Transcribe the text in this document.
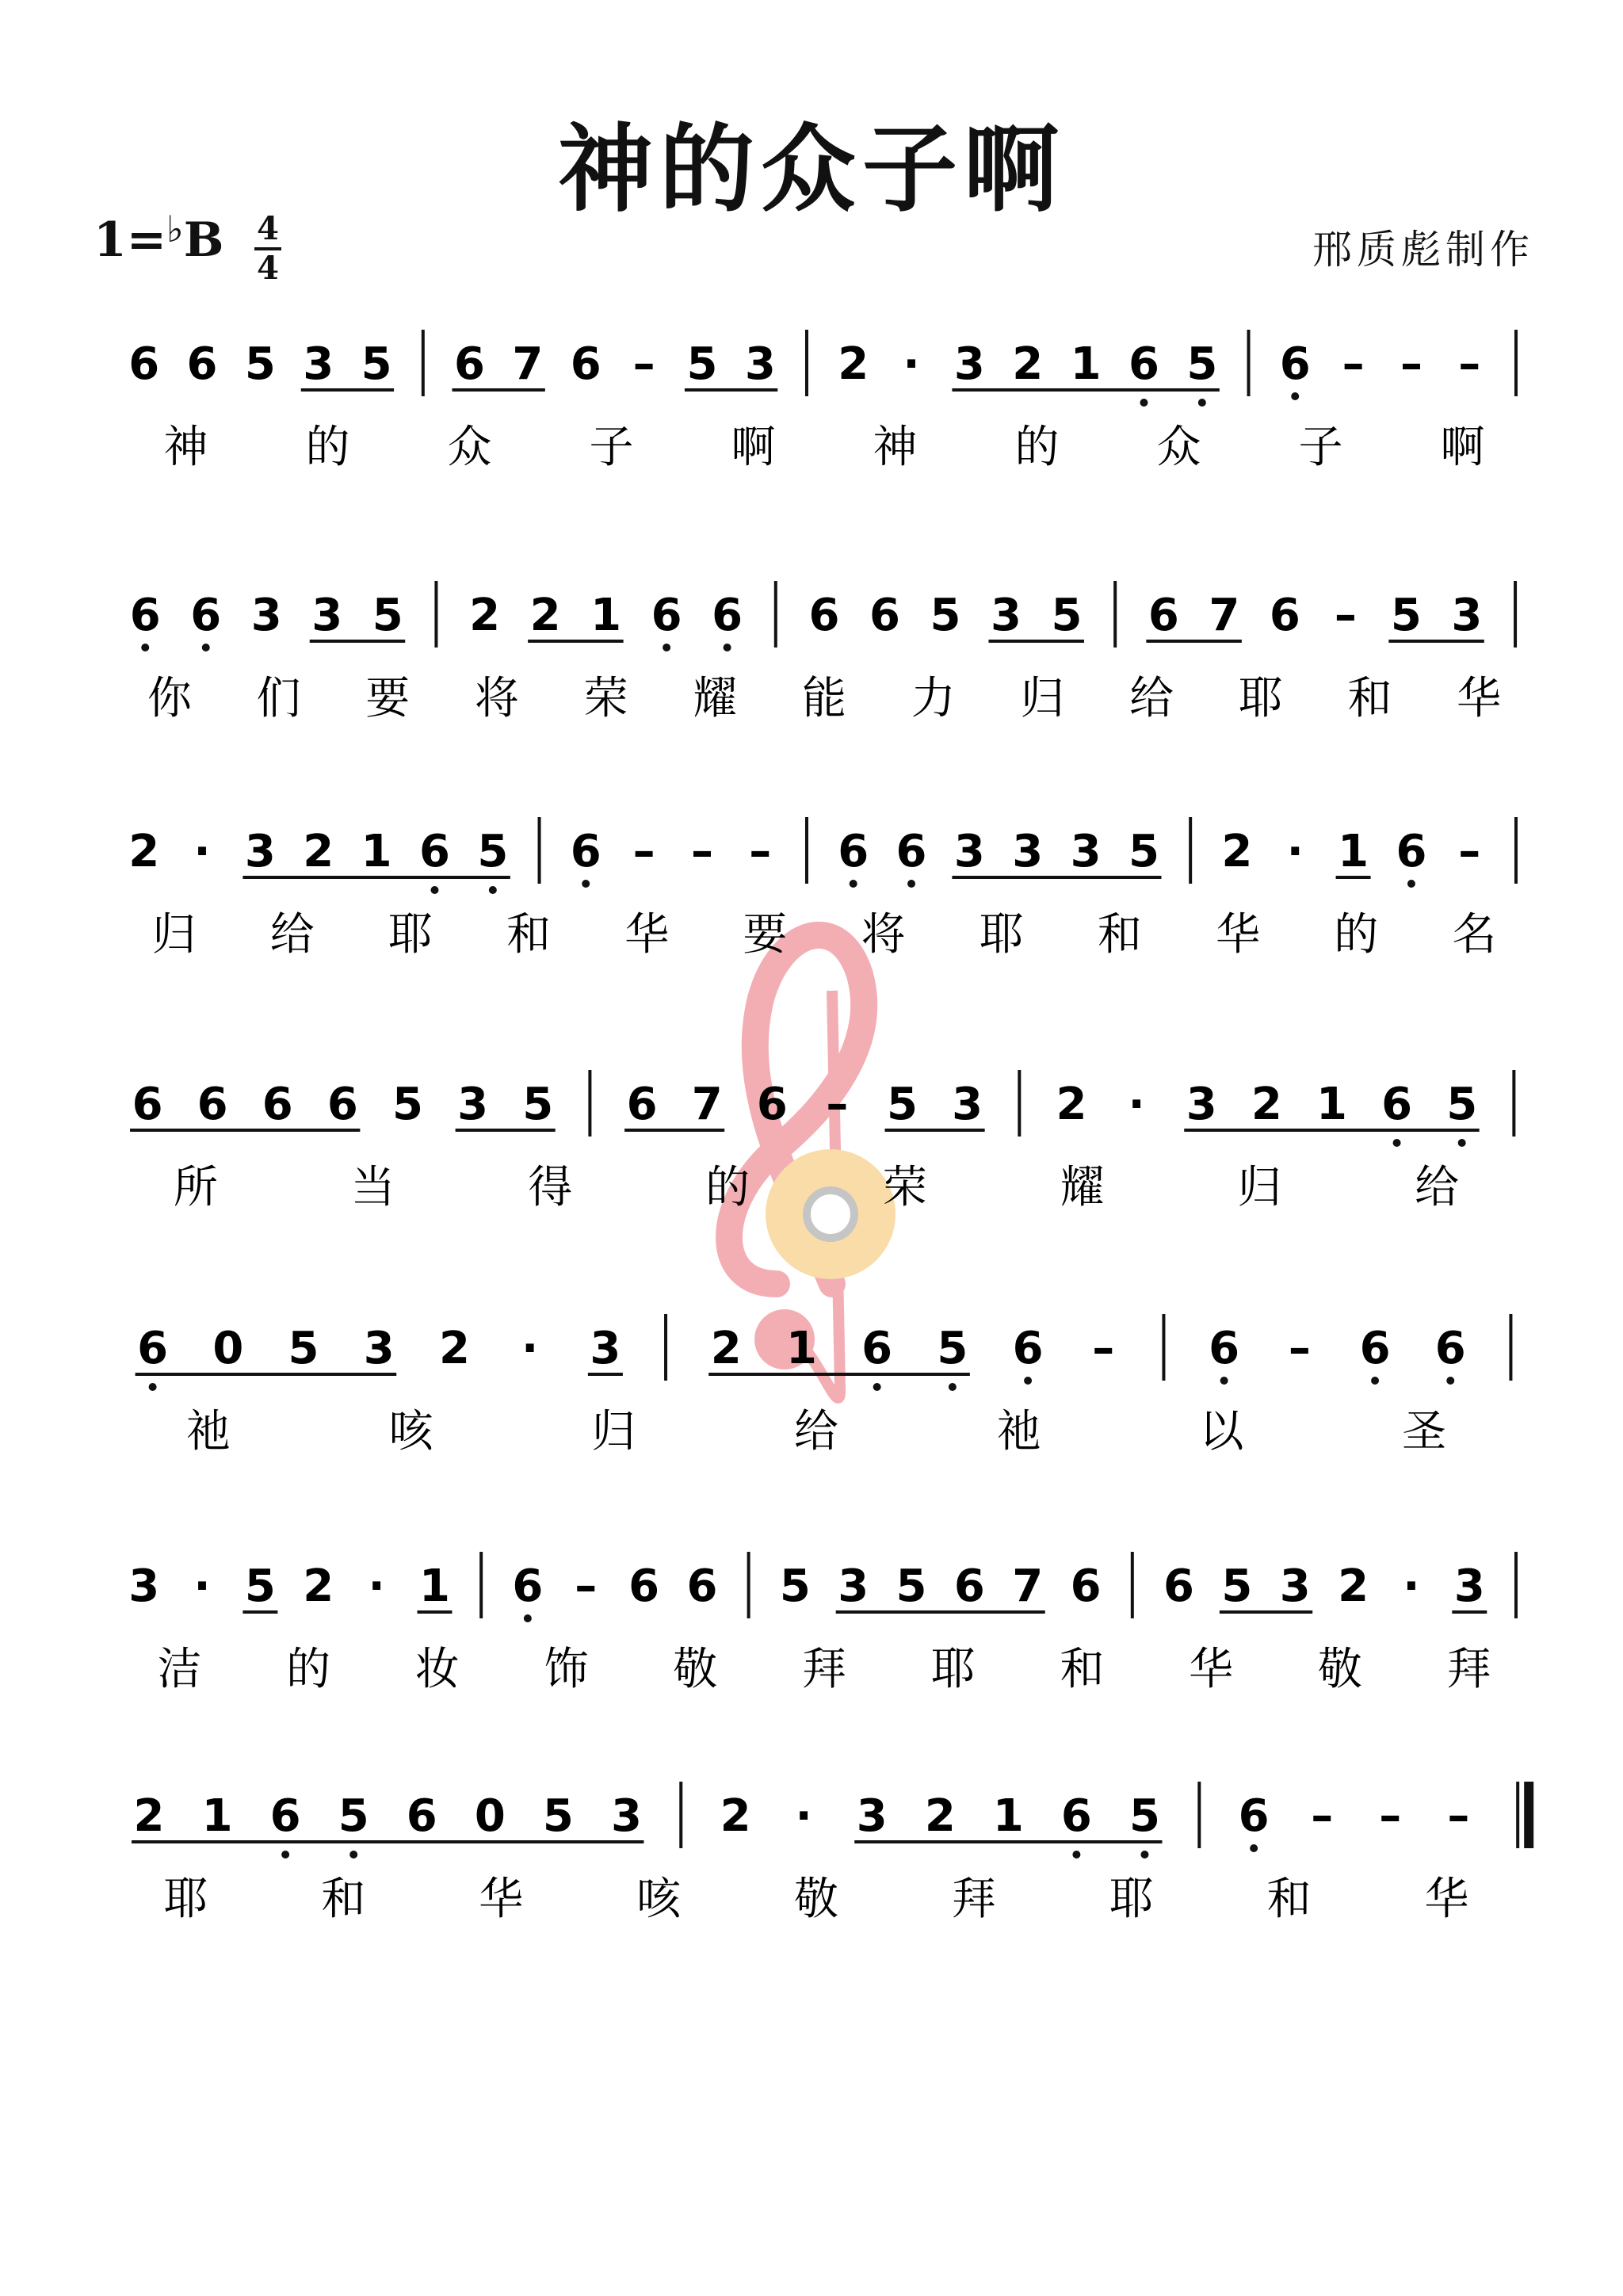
神的众子啊
1=♭B 4
4	邢质彪制作
6 6 5 3 5 6 7 6 – 5 3 2 · 3 2 1 6 5 6 – – –
神 的 众 子 啊 神 的 众 子 啊
6 6 3 3 5 2 2 1 6 6 6 6 5 3 5 6 7 6 – 5 3
你 们 要 将 荣 耀 能 力 归 给 耶 和 华
2 · 3 2 1 6 5 6 – – – 6 6 3 3 3 5 2 · 1 6 –
归 给 耶 和 华 要 将 耶 和 华 的 名
6 6 6 6 5 3 5 6 7 6 – 5 3 2 · 3 2 1 6 5
所	当	得	的	荣	耀	归	给
6 0 5 3 2 · 3 2 1 6 5 6 – 6 – 6 6
祂	咳	归	给	祂	以	圣
3 · 5 2 · 1 6 – 6 6 5 3 5 6 7 6 6 5 3 2 · 3
洁 的 妆 饰 敬 拜 耶 和 华 敬 拜
2 1 6 5 6 0 5 3 2 · 3 2 1 6 5 6 – – –
耶	和	华	咳	敬	拜	耶	和	华
